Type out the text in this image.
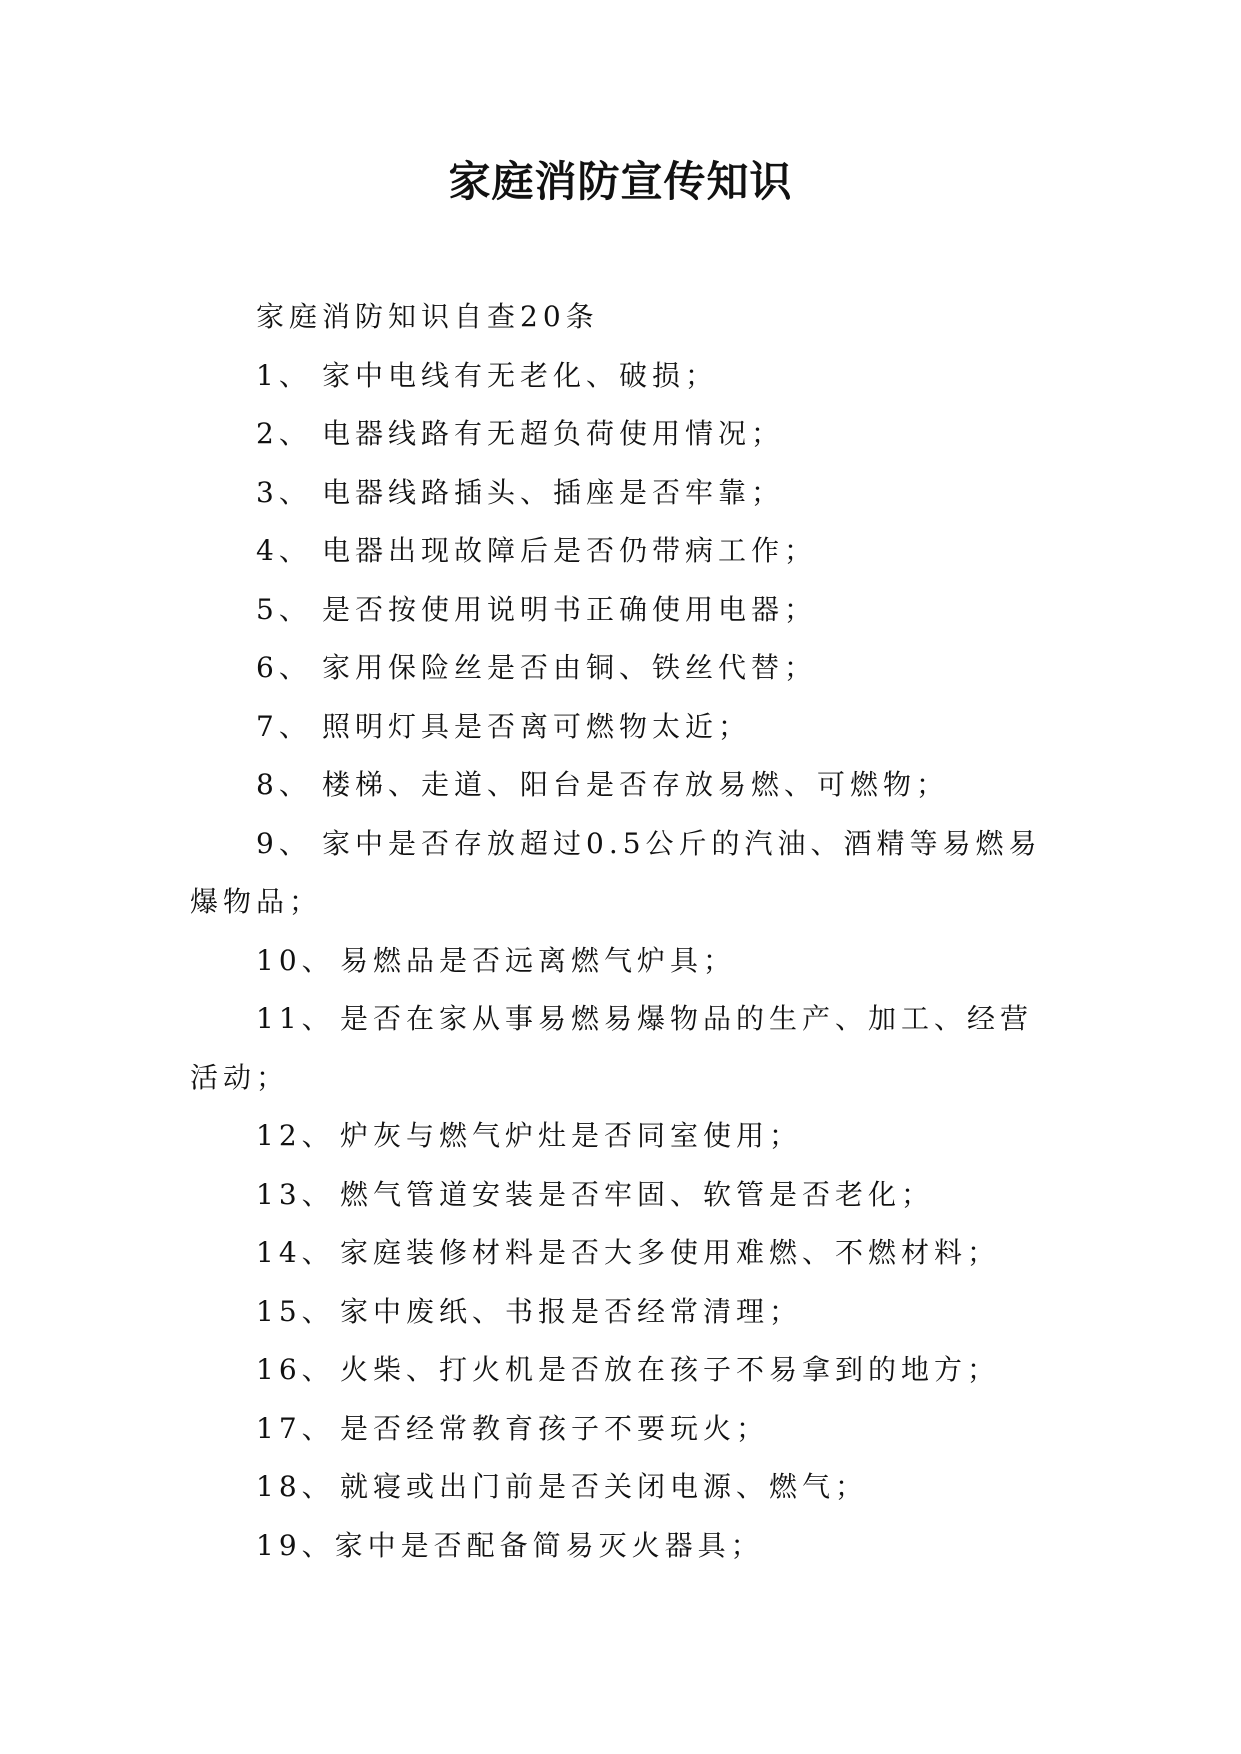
家庭消防宣传知识

家庭消防知识自查20条

1、 家中电线有无老化、破损；

2、 电器线路有无超负荷使用情况；

3、 电器线路插头、插座是否牢靠；

4、 电器出现故障后是否仍带病工作；

5、 是否按使用说明书正确使用电器；

6、 家用保险丝是否由铜、铁丝代替；

7、 照明灯具是否离可燃物太近；

8、 楼梯、走道、阳台是否存放易燃、可燃物；

9、 家中是否存放超过0.5公斤的汽油、酒精等易燃易

爆物品；

10、 易燃品是否远离燃气炉具；

11、 是否在家从事易燃易爆物品的生产、加工、经营

活动；

12、 炉灰与燃气炉灶是否同室使用；

13、 燃气管道安装是否牢固、软管是否老化；

14、 家庭装修材料是否大多使用难燃、不燃材料；

15、 家中废纸、书报是否经常清理；

16、 火柴、打火机是否放在孩子不易拿到的地方；

17、 是否经常教育孩子不要玩火；

18、 就寝或出门前是否关闭电源、燃气；

19、家中是否配备简易灭火器具；
